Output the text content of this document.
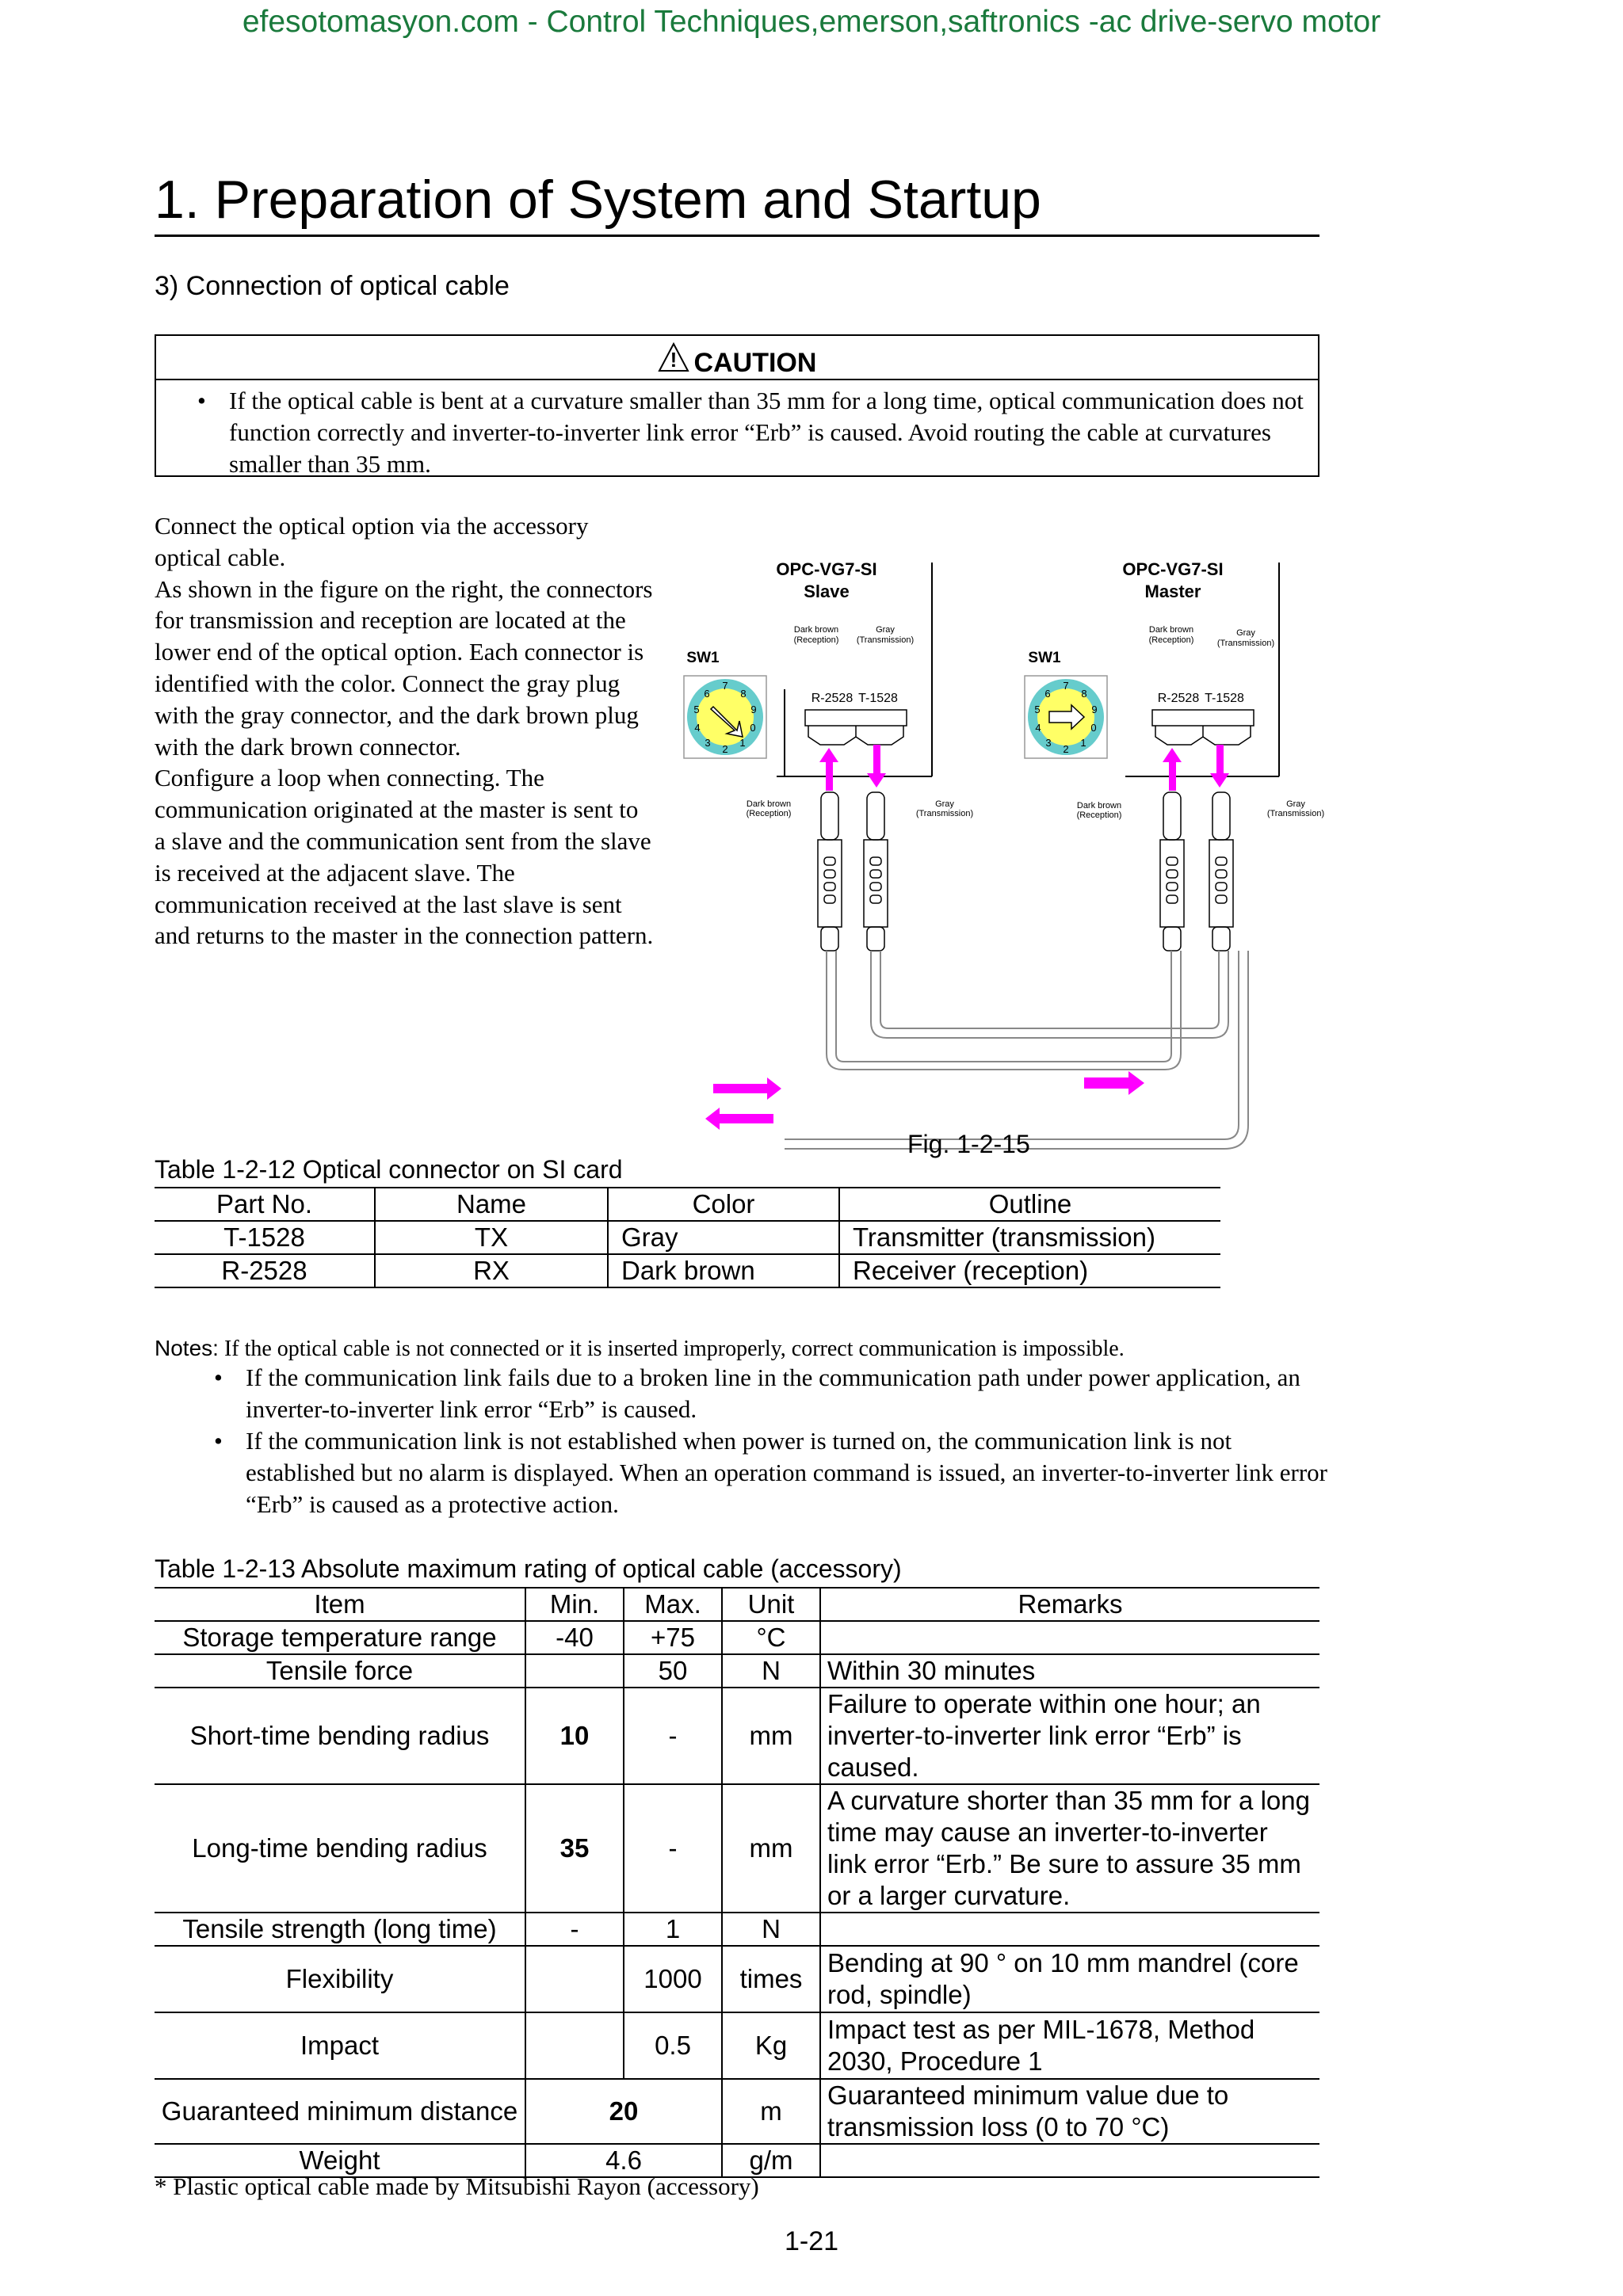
efesotomasyon.com - Control Techniques,emerson,saftronics -ac drive-servo motor
1. Preparation of System and Startup
3) Connection of optical cable
! CAUTION
• If the optical cable is bent at a curvature smaller than 35 mm for a long time, optical communication does not function correctly and inverter-to-inverter link error “Erb” is caused. Avoid routing the cable at curvatures smaller than 35 mm.
Connect the optical option via the accessory optical cable.
As shown in the figure on the right, the connectors for transmission and reception are located at the lower end of the optical option. Each connector is identified with the color. Connect the gray plug with the gray connector, and the dark brown plug with the dark brown connector.
Configure a loop when connecting. The communication originated at the master is sent to a slave and the communication sent from the slave is received at the adjacent slave. The communication received at the last slave is sent and returns to the master in the connection pattern.
OPC-VG7-SI
Slave
Dark brown
(Reception)
Gray
(Transmission)
SW1
7
8
9
0
1
2
3
4
5
6	R-2528 T-1528
OPC-VG7-SI
Master
Dark brown
(Reception)
Gray
(Transmission)
SW1
7
8
9
0
1
2
3
4
5
6	R-2528 T-1528
Dark brown
(Reception)
Gray
(Transmission)
Dark brown
(Reception)
Gray
(Transmission)
Fig. 1-2-15
Table 1-2-12 Optical connector on SI card
Part No.	Name	Color	Outline
T-1528	TX	Gray	Transmitter (transmission)
R-2528	RX	Dark brown	Receiver (reception)
Notes: If the optical cable is not connected or it is inserted improperly, correct communication is impossible.
• If the communication link fails due to a broken line in the communication path under power application, an inverter-to-inverter link error “Erb” is caused.
• If the communication link is not established when power is turned on, the communication link is not established but no alarm is displayed. When an operation command is issued, an inverter-to-inverter link error “Erb” is caused as a protective action.
Table 1-2-13 Absolute maximum rating of optical cable (accessory)
Item	Min.	Max.	Unit	Remarks
Storage temperature range	-40	+75	°C	
Tensile force		50	N	Within 30 minutes
Short-time bending radius	10	-	mm	Failure to operate within one hour; an inverter-to-inverter link error “Erb” is caused.
Long-time bending radius	35	-	mm	A curvature shorter than 35 mm for a long time may cause an inverter-to-inverter link error “Erb.” Be sure to assure 35 mm or a larger curvature.
Tensile strength (long time)	-	1	N	
Flexibility		1000	times	Bending at 90 ° on 10 mm mandrel (core rod, spindle)
Impact		0.5	Kg	Impact test as per MIL-1678, Method 2030, Procedure 1
Guaranteed minimum distance	20		m	Guaranteed minimum value due to transmission loss (0 to 70 °C)
Weight	4.6		g/m	
* Plastic optical cable made by Mitsubishi Rayon (accessory)
1-21
